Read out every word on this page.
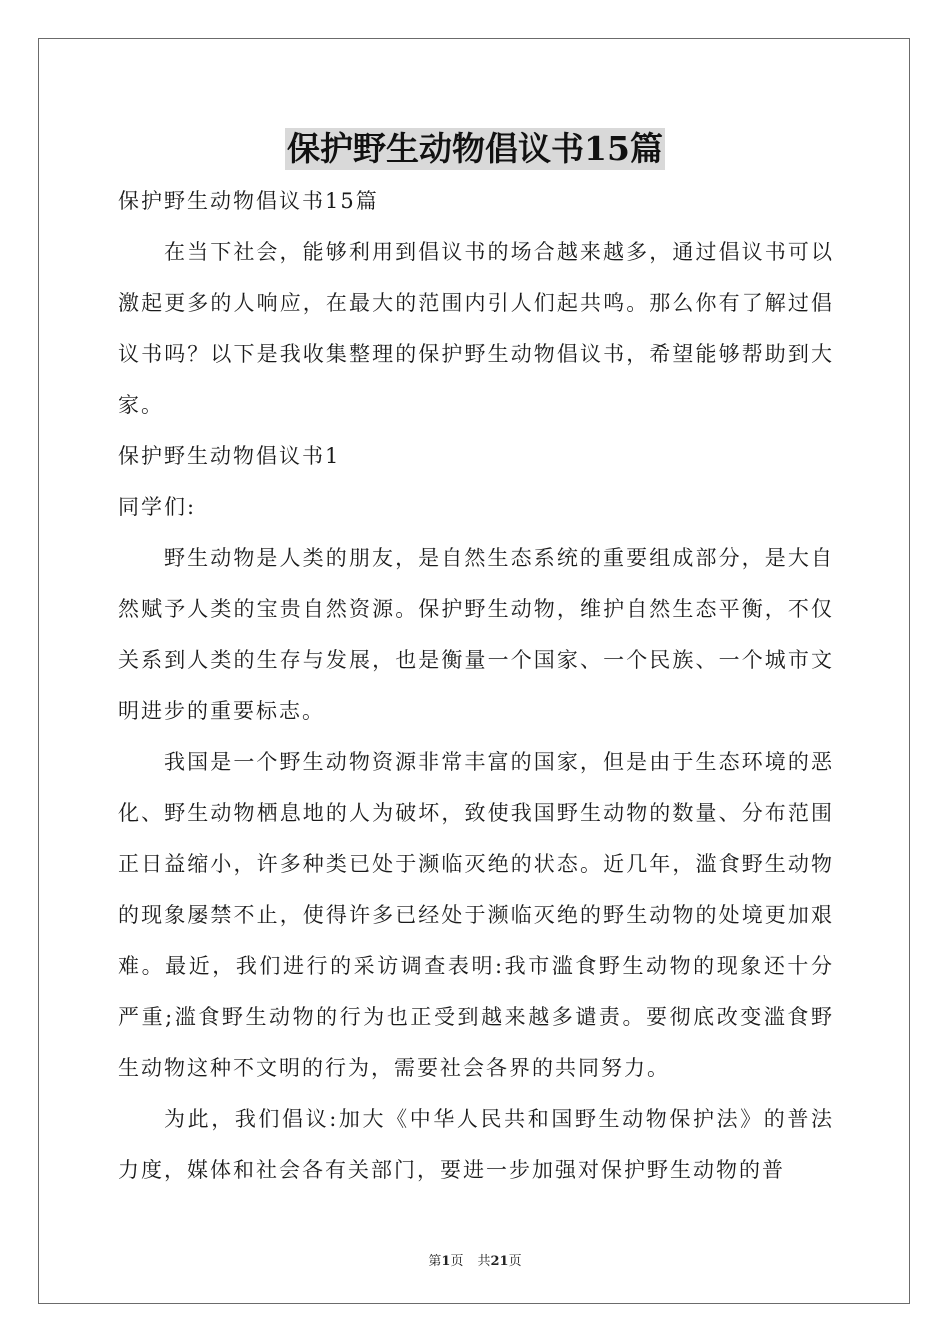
保护野生动物倡议书15篇

保护野生动物倡议书15篇

在当下社会，能够利用到倡议书的场合越来越多，通过倡议书可以激起更多的人响应，在最大的范围内引人们起共鸣。那么你有了解过倡议书吗？以下是我收集整理的保护野生动物倡议书，希望能够帮助到大家。

保护野生动物倡议书1

同学们:

野生动物是人类的朋友，是自然生态系统的重要组成部分，是大自然赋予人类的宝贵自然资源。保护野生动物，维护自然生态平衡，不仅关系到人类的生存与发展，也是衡量一个国家、一个民族、一个城市文明进步的重要标志。

我国是一个野生动物资源非常丰富的国家，但是由于生态环境的恶化、野生动物栖息地的人为破坏，致使我国野生动物的数量、分布范围正日益缩小，许多种类已处于濒临灭绝的状态。近几年，滥食野生动物的现象屡禁不止，使得许多已经处于濒临灭绝的野生动物的处境更加艰难。最近，我们进行的采访调查表明:我市滥食野生动物的现象还十分严重;滥食野生动物的行为也正受到越来越多谴责。要彻底改变滥食野生动物这种不文明的行为，需要社会各界的共同努力。

为此，我们倡议:加大《中华人民共和国野生动物保护法》的普法力度，媒体和社会各有关部门，要进一步加强对保护野生动物的普

第1页 共21页
